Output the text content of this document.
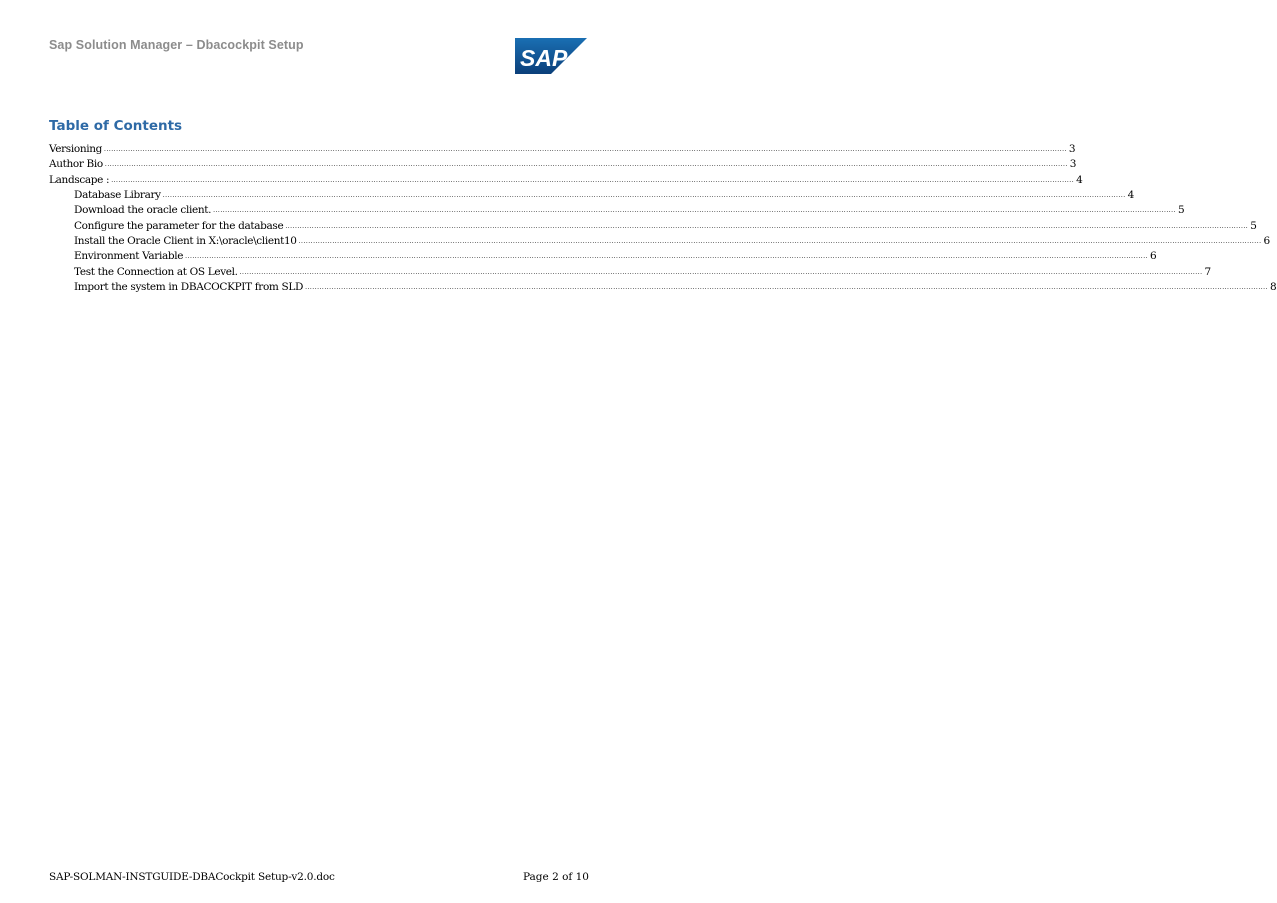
Sap Solution Manager – Dbacockpit Setup	SAP
Table of Contents
Versioning ................................................................................................................................................................................................................................................................................................................................................................................................................ 3
Author Bio ................................................................................................................................................................................................................................................................................................................................................................................................................ 3
Landscape : ................................................................................................................................................................................................................................................................................................................................................................................................................ 4
Database Library ................................................................................................................................................................................................................................................................................................................................................................................................................ 4
Download the oracle client. ................................................................................................................................................................................................................................................................................................................................................................................................................ 5
Configure the parameter for the database ................................................................................................................................................................................................................................................................................................................................................................................................................ 5
Install the Oracle Client in X:\oracle\client10 ................................................................................................................................................................................................................................................................................................................................................................................................................ 6
Environment Variable ................................................................................................................................................................................................................................................................................................................................................................................................................ 6
Test the Connection at OS Level. ................................................................................................................................................................................................................................................................................................................................................................................................................ 7
Import the system in DBACOCKPIT from SLD ................................................................................................................................................................................................................................................................................................................................................................................................................ 8
SAP-SOLMAN-INSTGUIDE-DBACockpit Setup-v2.0.doc	Page 2 of 10
